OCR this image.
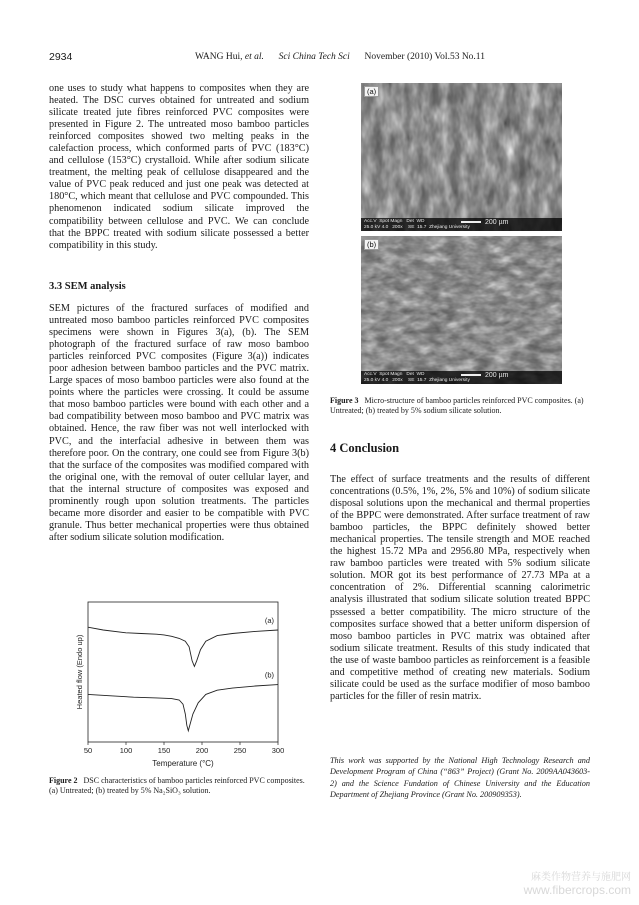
2934	WANG Hui, et al. Sci China Tech Sci November (2010) Vol.53 No.11

one uses to study what happens to composites when they are heated. The DSC curves obtained for untreated and sodium silicate treated jute fibres reinforced PVC composites were presented in Figure 2. The untreated moso bamboo particles reinforced composites showed two melting peaks in the calefaction process, which conformed parts of PVC (183°C) and cellulose (153°C) crystalloid. While after sodium silicate treatment, the melting peak of cellulose disappeared and the value of PVC peak reduced and just one peak was detected at 180°C, which meant that cellulose and PVC compounded. This phenomenon indicated sodium silicate improved the compatibility between cellulose and PVC. We can conclude that the BPPC treated with sodium silicate possessed a better compatibility in this study.

3.3 SEM analysis

SEM pictures of the fractured surfaces of modified and untreated moso bamboo particles reinforced PVC composites specimens were shown in Figures 3(a), (b). The SEM photograph of the fractured surface of raw moso bamboo particles reinforced PVC composites (Figure 3(a)) indicates poor adhesion between bamboo particles and the PVC matrix. Large spaces of moso bamboo particles were also found at the points where the particles were crossing. It could be assume that moso bamboo particles were bound with each other and a bad compatibility between moso bamboo and PVC matrix was obtained. Hence, the raw fiber was not well interlocked with PVC, and the interfacial adhesive in between them was therefore poor. On the contrary, one could see from Figure 3(b) that the surface of the composites was modified compared with the original one, with the removal of outer cellular layer, and that the internal structure of composites was exposed and prominently rough upon solution treatments. The particles became more disorder and easier to be compatible with PVC granule. Thus better mechanical properties were thus obtained after sodium silicate solution modification.

50	100	150	200	250	300
Temperature (°C)
Heated flow (Endo up)
(a)
(b)

Figure 2 DSC characteristics of bamboo particles reinforced PVC composites. (a) Untreated; (b) treated by 5% Na₂SiO₃ solution.

(a)
Acc.V  Spot Magn   Det  WD
25.0 kV 4.0   200x    SE  15.7  Zhejiang University
200 µm
(b)
Acc.V  Spot Magn   Det  WD
25.0 kV 4.0   200x    SE  15.7  Zhejiang University
200 µm

Figure 3 Micro-structure of bamboo particles reinforced PVC composites. (a) Untreated; (b) treated by 5% sodium silicate solution.

4 Conclusion

The effect of surface treatments and the results of different concentrations (0.5%, 1%, 2%, 5% and 10%) of sodium silicate disposal solutions upon the mechanical and thermal properties of the BPPC were demonstrated. After surface treatment of raw bamboo particles, the BPPC definitely showed better mechanical properties. The tensile strength and MOE reached the highest 15.72 MPa and 2956.80 MPa, respectively when raw bamboo particles were treated with 5% sodium silicate solution. MOR got its best performance of 27.73 MPa at a concentration of 2%. Differential scanning calorimetric analysis illustrated that sodium silicate solution treated BPPC pssessed a better compatibility. The micro structure of the composites surface showed that a better uniform dispersion of moso bamboo particles in PVC matrix was obtained after sodium silicate treatment. Results of this study indicated that the use of waste bamboo particles as reinforcement is a feasible and competitive method of creating new materials. Sodium silicate could be used as the surface modifier of moso bamboo particles for the filler of resin matrix.

This work was supported by the National High Technology Research and Development Program of China (“863” Project) (Grant No. 2009AA043603-2) and the Science Fundation of Chinese University and the Education Department of Zhejiang Province (Grant No. 200909353).

麻类作物营养与施肥网
www.fibercrops.com
